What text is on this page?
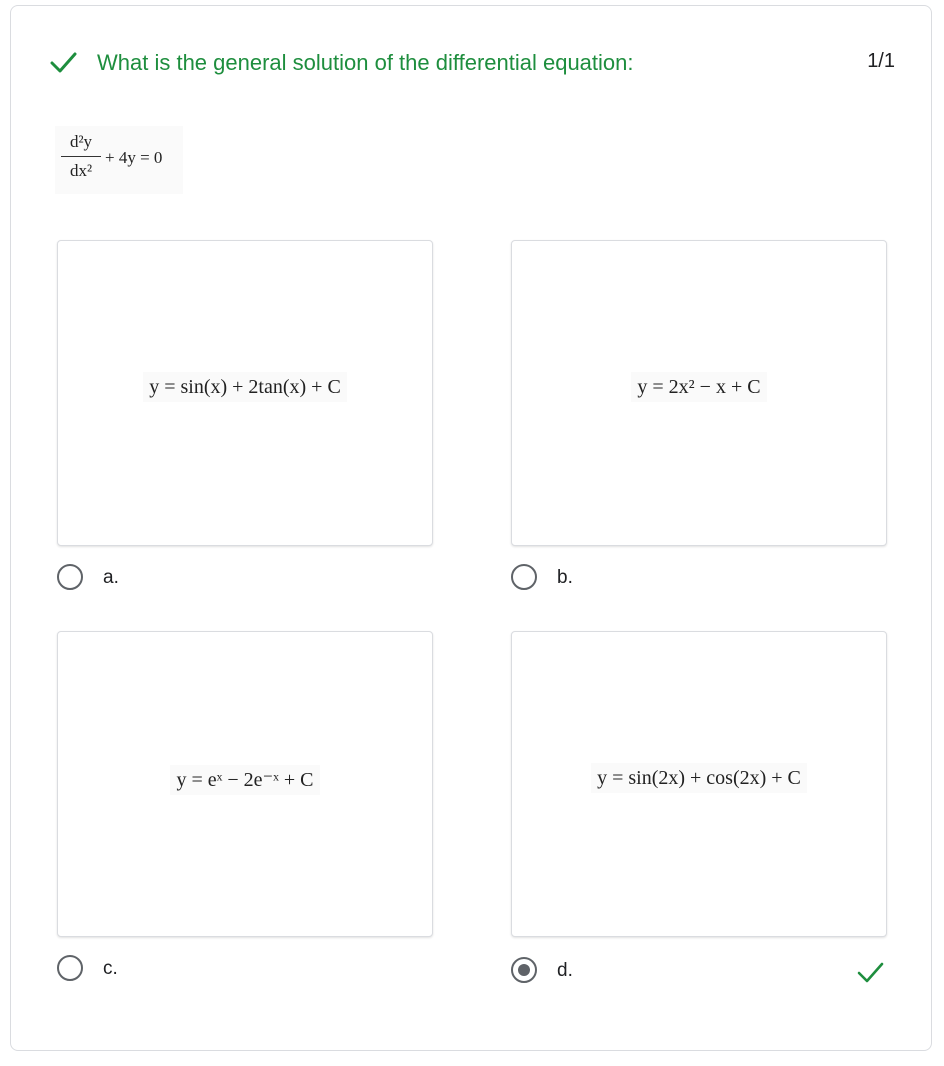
What is the general solution of the differential equation:	1/1
d²y
dx²
+ 4y = 0
y = sin(x) + 2tan(x) + C
a.
y = 2x² − x + C
b.
y = eˣ − 2e⁻ˣ + C
c.
y = sin(2x) + cos(2x) + C
d.
